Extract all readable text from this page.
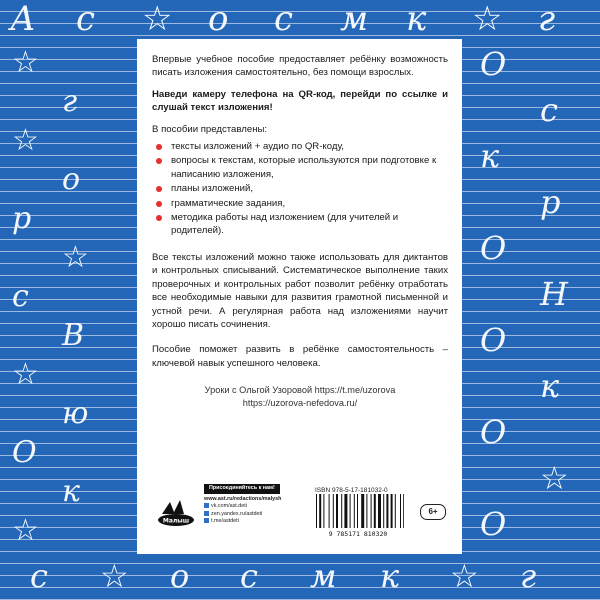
А с ☆ о с м к ☆ г
с ☆ о с м к ☆ г
☆
г
☆
о
р
☆
с
В
☆
ю
О
к
☆
О
с
к
р
О
Н
О
к
О
☆
О

Впервые учебное пособие предоставляет ребёнку возможность писать изложения самостоятельно, без помощи взрослых.

Наведи камеру телефона на QR-код, перейди по ссылке и слушай текст изложения!

В пособии представлены:

тексты изложений + аудио по QR-коду,
вопросы к текстам, которые используются при подготовке к написанию изложения,
планы изложений,
грамматические задания,
методика работы над изложением (для учителей и родителей).

Все тексты изложений можно также использовать для диктантов и контрольных списываний. Систематическое выполнение таких проверочных и контрольных работ позволит ребёнку отработать все необходимые навыки для развития грамотной письменной и устной речи. А регулярная работа над изложениями научит хорошо писать сочинения.

Пособие поможет развить в ребёнке самостоятельность – ключевой навык успешного человека.

Уроки с Ольгой Узоровой https://t.me/uzorova
https://uzorova-nefedova.ru/
Малыш
Присоединяйтесь к нам!
www.ast.ru/redactions/malysh
vk.com/ast.deti
zen.yandex.ru/astdeti
t.me/astdeti
ISBN 978-5-17-181032-0
9 785171 810320
6+
